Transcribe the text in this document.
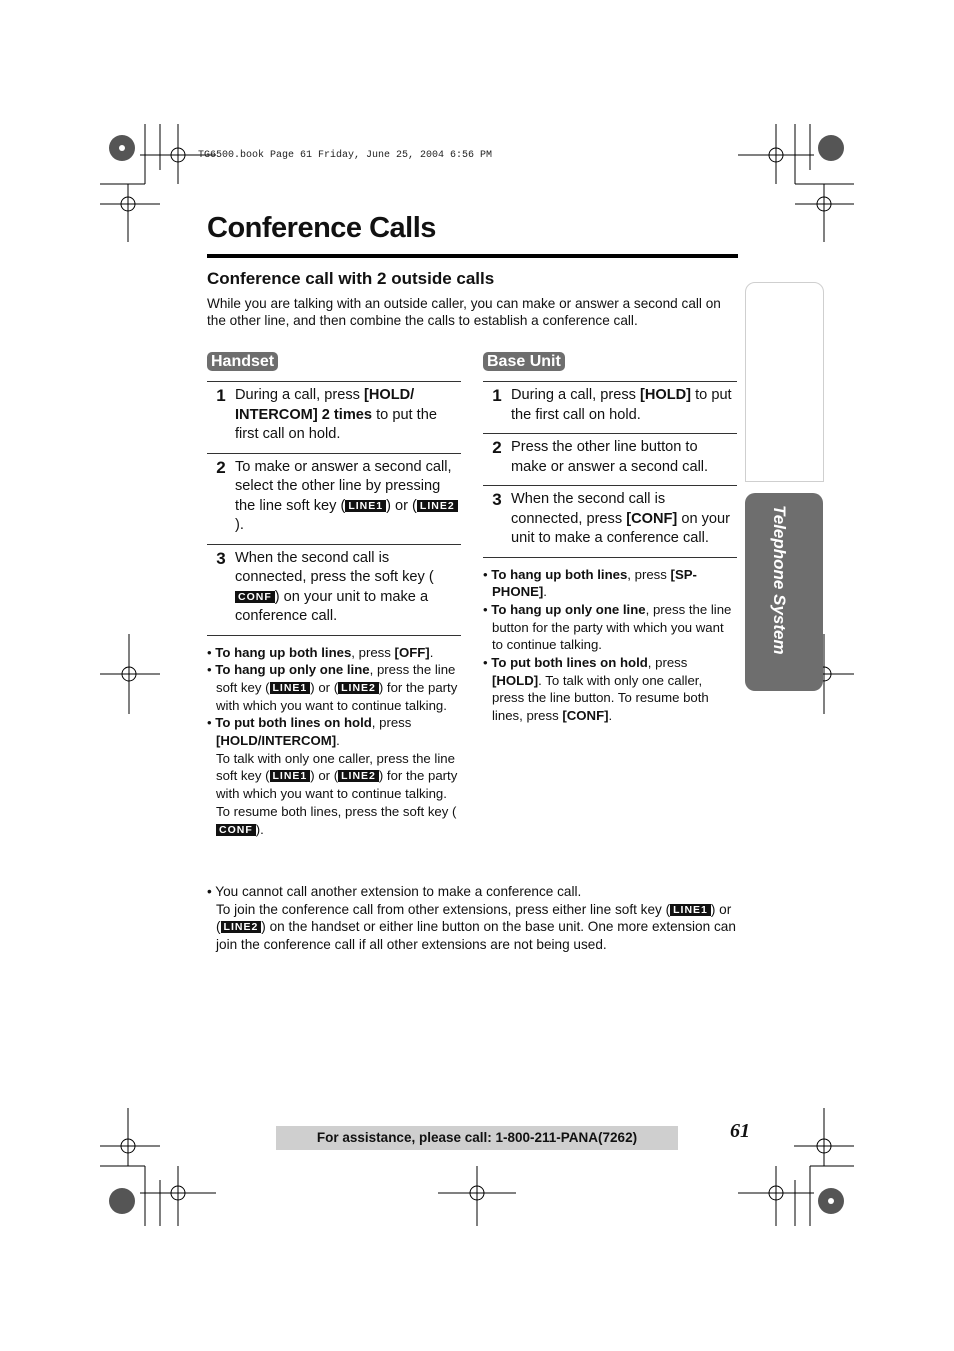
TG6500.book Page 61 Friday, June 25, 2004 6:56 PM
Conference Calls
Conference call with 2 outside calls
While you are talking with an outside caller, you can make or answer a second call on the other line, and then combine the calls to establish a conference call.
Handset
1 During a call, press [HOLD/ INTERCOM] 2 times to put the first call on hold.
2 To make or answer a second call, select the other line by pressing the line soft key ( LINE1 ) or ( LINE2).
3 When the second call is connected, press the soft key (CONF ) on your unit to make a conference call.
• To hang up both lines, press [OFF].
• To hang up only one line, press the line soft key ( LINE1 ) or ( LINE2 ) for the party with which you want to continue talking.
• To put both lines on hold, press [HOLD/INTERCOM].
To talk with only one caller, press the line soft key ( LINE1 ) or ( LINE2 ) for the party with which you want to continue talking. To resume both lines, press the soft key (CONF ).
Base Unit
1 During a call, press [HOLD] to put the first call on hold.
2 Press the other line button to make or answer a second call.
3 When the second call is connected, press [CONF] on your unit to make a conference call.
• To hang up both lines, press [SP-PHONE].
• To hang up only one line, press the line button for the party with which you want to continue talking.
• To put both lines on hold, press [HOLD]. To talk with only one caller, press the line button. To resume both lines, press [CONF].
• You cannot call another extension to make a conference call.
To join the conference call from other extensions, press either line soft key ( LINE1 ) or ( LINE2 ) on the handset or either line button on the base unit. One more extension can join the conference call if all other extensions are not being used.
Telephone System
For assistance, please call: 1-800-211-PANA(7262)	61
